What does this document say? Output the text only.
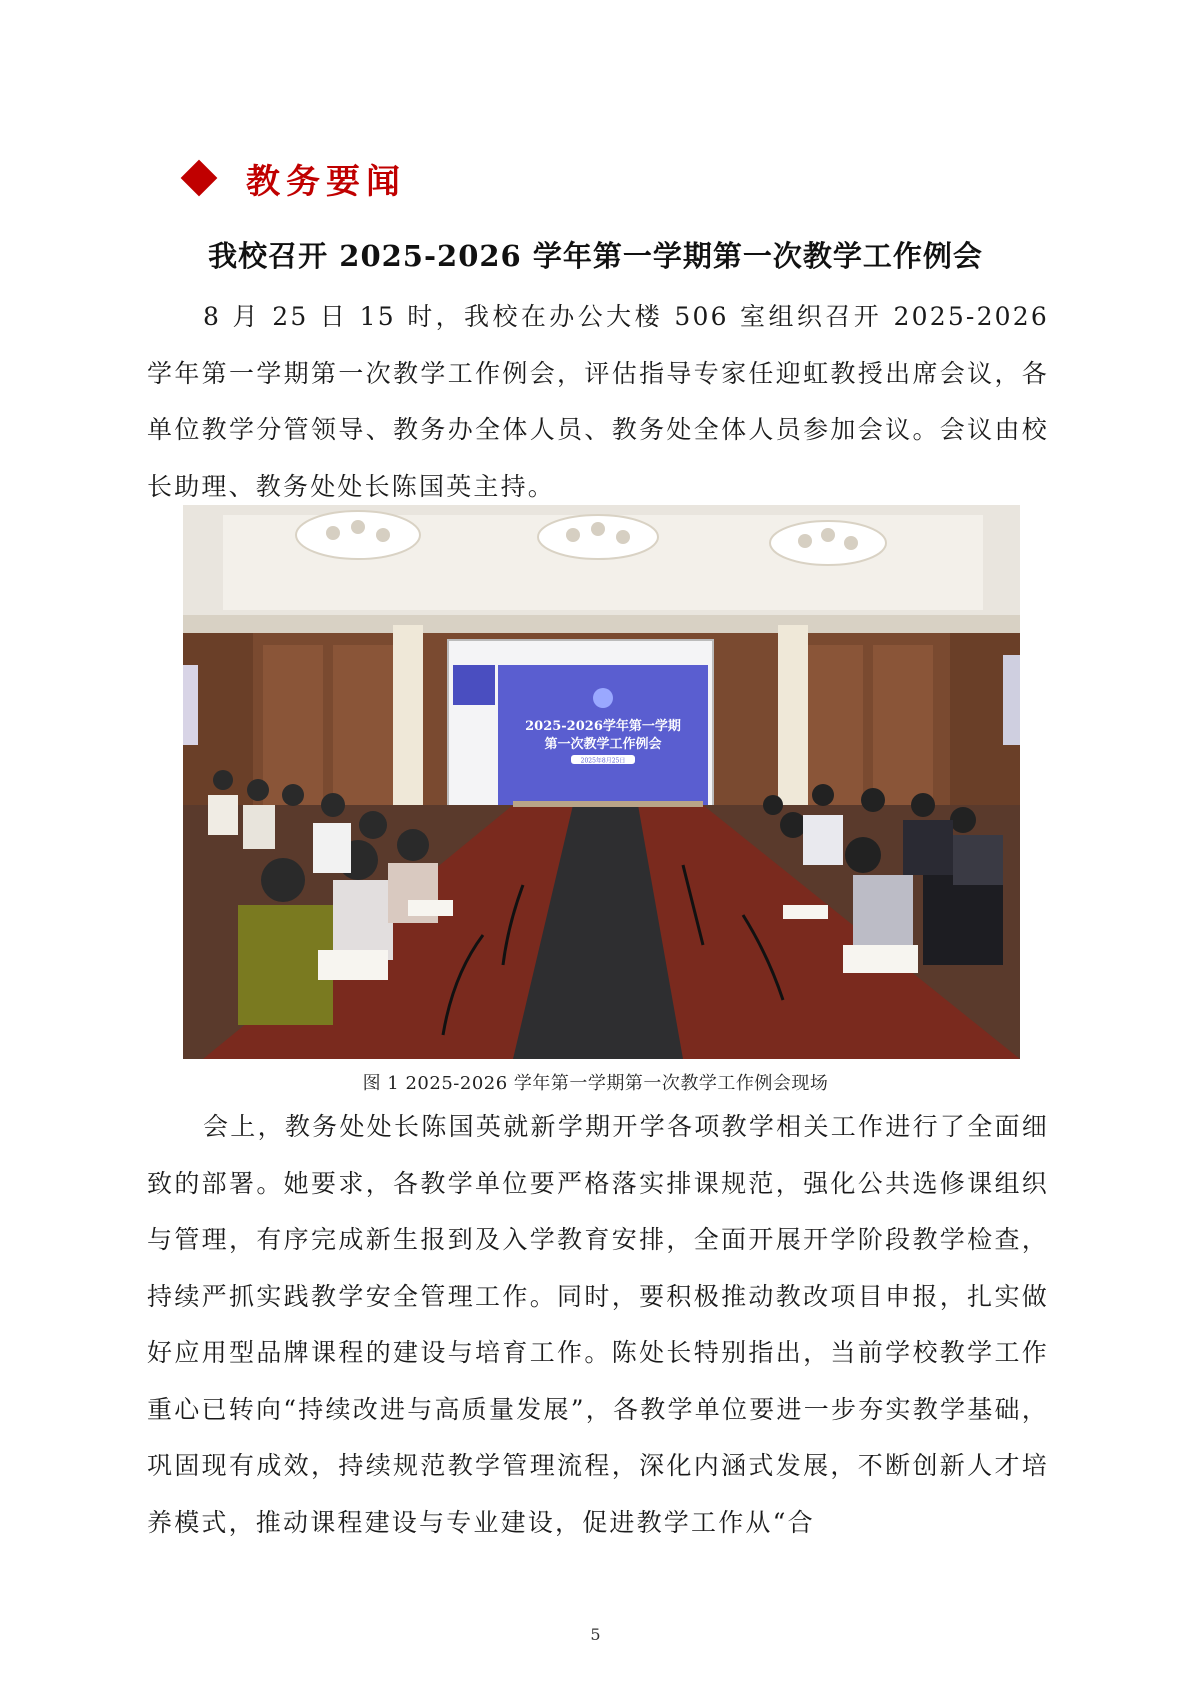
教务要闻
我校召开 2025-2026 学年第一学期第一次教学工作例会

8 月 25 日 15 时，我校在办公大楼 506 室组织召开 2025-2026 学年第一学期第一次教学工作例会，评估指导专家任迎虹教授出席会议，各单位教学分管领导、教务办全体人员、教务处全体人员参加会议。会议由校长助理、教务处处长陈国英主持。

2025-2026学年第一学期
第一次教学工作例会
2025年8月25日
图 1 2025-2026 学年第一学期第一次教学工作例会现场

会上，教务处处长陈国英就新学期开学各项教学相关工作进行了全面细致的部署。她要求，各教学单位要严格落实排课规范，强化公共选修课组织与管理，有序完成新生报到及入学教育安排，全面开展开学阶段教学检查，持续严抓实践教学安全管理工作。同时，要积极推动教改项目申报，扎实做好应用型品牌课程的建设与培育工作。陈处长特别指出，当前学校教学工作重心已转向“持续改进与高质量发展”，各教学单位要进一步夯实教学基础，巩固现有成效，持续规范教学管理流程，深化内涵式发展，不断创新人才培养模式，推动课程建设与专业建设，促进教学工作从“合

5
